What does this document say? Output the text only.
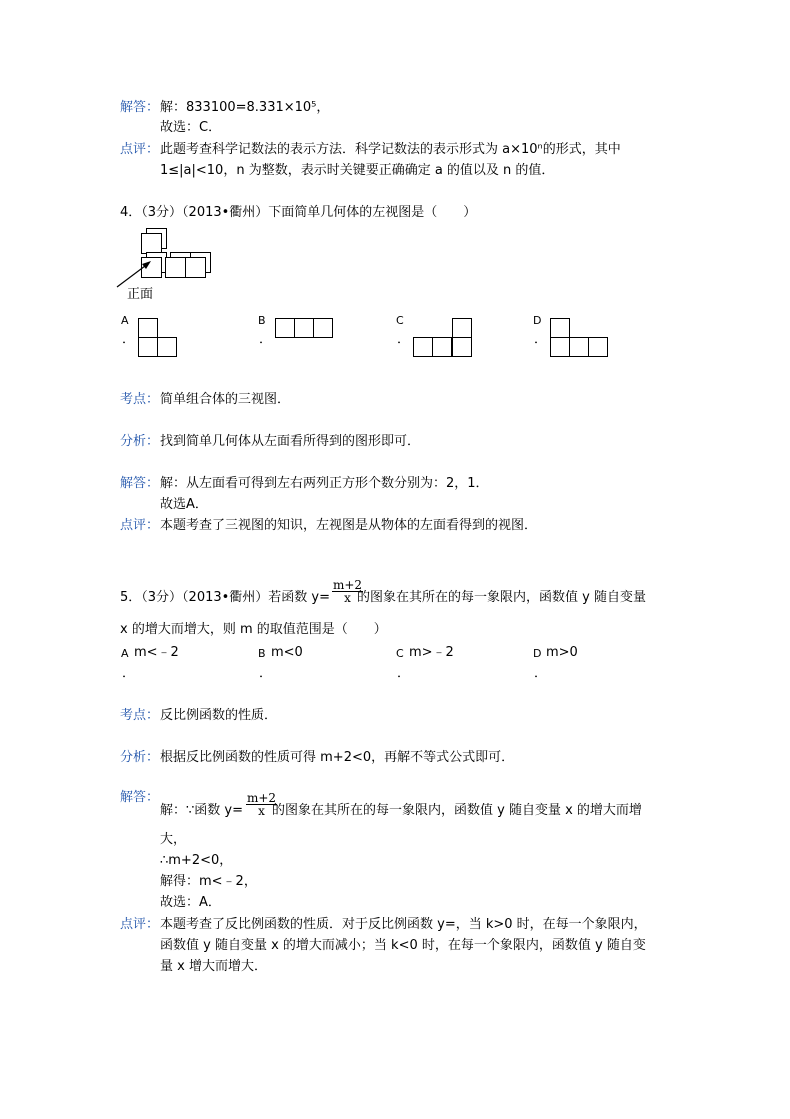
解答： 解：833100=8.331×10⁵，
故选：C．
点评： 此题考查科学记数法的表示方法．科学记数法的表示形式为 a×10ⁿ的形式，其中
1≤|a|<10，n 为整数，表示时关键要正确确定 a 的值以及 n 的值．
4．（3分）（2013•衢州）下面简单几何体的左视图是（　　）
正面
A
．
B
．
C
．
D
．
考点： 简单组合体的三视图．
分析： 找到简单几何体从左面看所得到的图形即可．
解答： 解：从左面看可得到左右两列正方形个数分别为：2，1．
故选A．
点评： 本题考查了三视图的知识，左视图是从物体的左面看得到的视图．
5．（3分）（2013•衢州）若函数 $y= \frac{m+2}{x}$
的图象在其所在的每一象限内，函数值 y 随自变量
x 的增大而增大，则 m 的取值范围是（　　）
A m<﹣2
．
B m<0
．
C m>﹣2
．
D m>0
．
考点： 反比例函数的性质．
分析： 根据反比例函数的性质可得 m+2<0，再解不等式公式即可．
解答：
解：∵函数 $y= \frac{m+2}{x}$
的图象在其所在的每一象限内，函数值 y 随自变量 x 的增大而增
大，
∴m+2<0，
解得：m<﹣2，
故选：A．
点评： 本题考查了反比例函数的性质．对于反比例函数 y=，当 k>0 时，在每一个象限内，
函数值 y 随自变量 x 的增大而减小；当 k<0 时，在每一个象限内，函数值 y 随自变
量 x 增大而增大．
